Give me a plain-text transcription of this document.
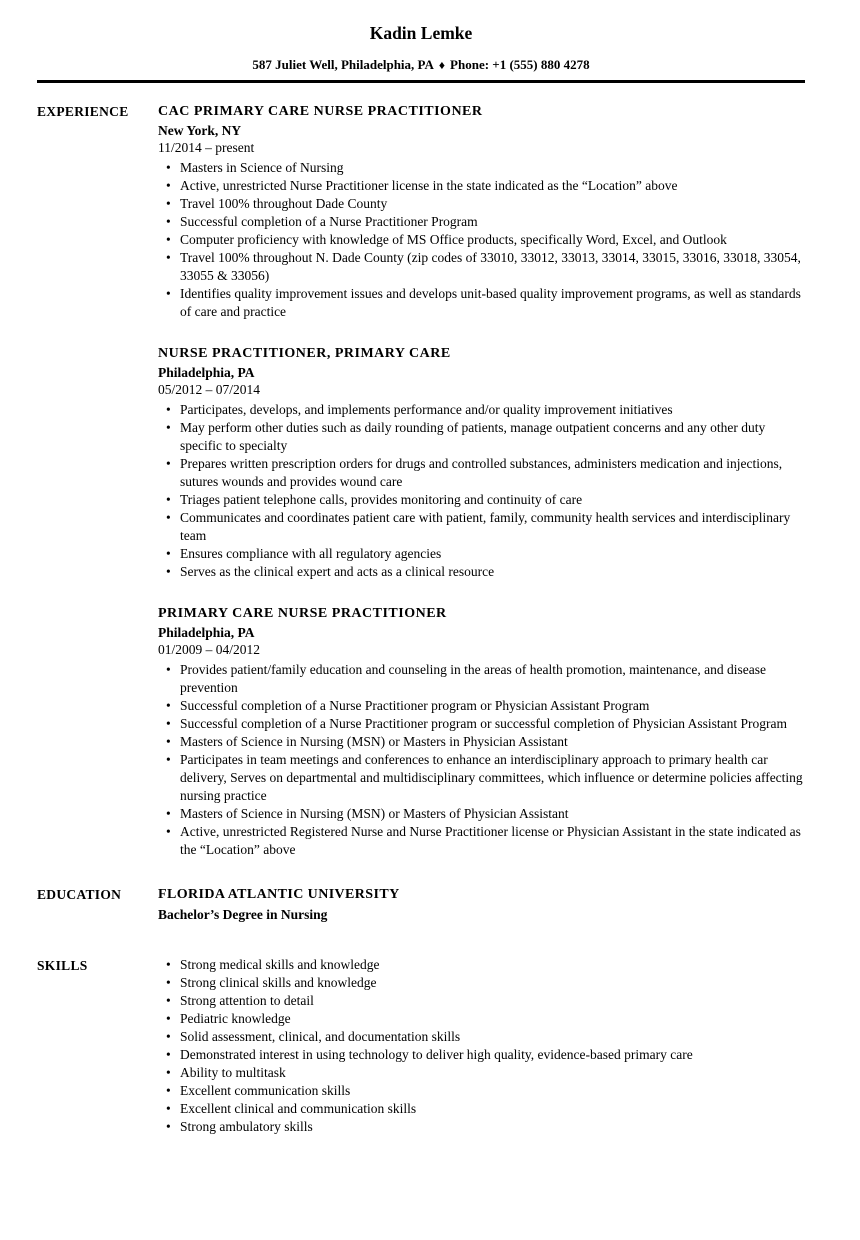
Kadin Lemke
587 Juliet Well, Philadelphia, PA ♦ Phone: +1 (555) 880 4278
EXPERIENCE	CAC PRIMARY CARE NURSE PRACTITIONER
New York, NY
11/2014 – present
• Masters in Science of Nursing
• Active, unrestricted Nurse Practitioner license in the state indicated as the “Location” above
• Travel 100% throughout Dade County
• Successful completion of a Nurse Practitioner Program
• Computer proficiency with knowledge of MS Office products, specifically Word, Excel, and Outlook
• Travel 100% throughout N. Dade County (zip codes of 33010, 33012, 33013, 33014, 33015, 33016, 33018, 33054, 33055 & 33056)
• Identifies quality improvement issues and develops unit-based quality improvement programs, as well as standards of care and practice
NURSE PRACTITIONER, PRIMARY CARE
Philadelphia, PA
05/2012 – 07/2014
• Participates, develops, and implements performance and/or quality improvement initiatives
• May perform other duties such as daily rounding of patients, manage outpatient concerns and any other duty specific to specialty
• Prepares written prescription orders for drugs and controlled substances, administers medication and injections, sutures wounds and provides wound care
• Triages patient telephone calls, provides monitoring and continuity of care
• Communicates and coordinates patient care with patient, family, community health services and interdisciplinary team
• Ensures compliance with all regulatory agencies
• Serves as the clinical expert and acts as a clinical resource
PRIMARY CARE NURSE PRACTITIONER
Philadelphia, PA
01/2009 – 04/2012
• Provides patient/family education and counseling in the areas of health promotion, maintenance, and disease prevention
• Successful completion of a Nurse Practitioner program or Physician Assistant Program
• Successful completion of a Nurse Practitioner program or successful completion of Physician Assistant Program
• Masters of Science in Nursing (MSN) or Masters in Physician Assistant
• Participates in team meetings and conferences to enhance an interdisciplinary approach to primary health car delivery, Serves on departmental and multidisciplinary committees, which influence or determine policies affecting nursing practice
• Masters of Science in Nursing (MSN) or Masters of Physician Assistant
• Active, unrestricted Registered Nurse and Nurse Practitioner license or Physician Assistant in the state indicated as the “Location” above
EDUCATION	FLORIDA ATLANTIC UNIVERSITY
Bachelor’s Degree in Nursing
SKILLS	• Strong medical skills and knowledge
• Strong clinical skills and knowledge
• Strong attention to detail
• Pediatric knowledge
• Solid assessment, clinical, and documentation skills
• Demonstrated interest in using technology to deliver high quality, evidence-based primary care
• Ability to multitask
• Excellent communication skills
• Excellent clinical and communication skills
• Strong ambulatory skills
